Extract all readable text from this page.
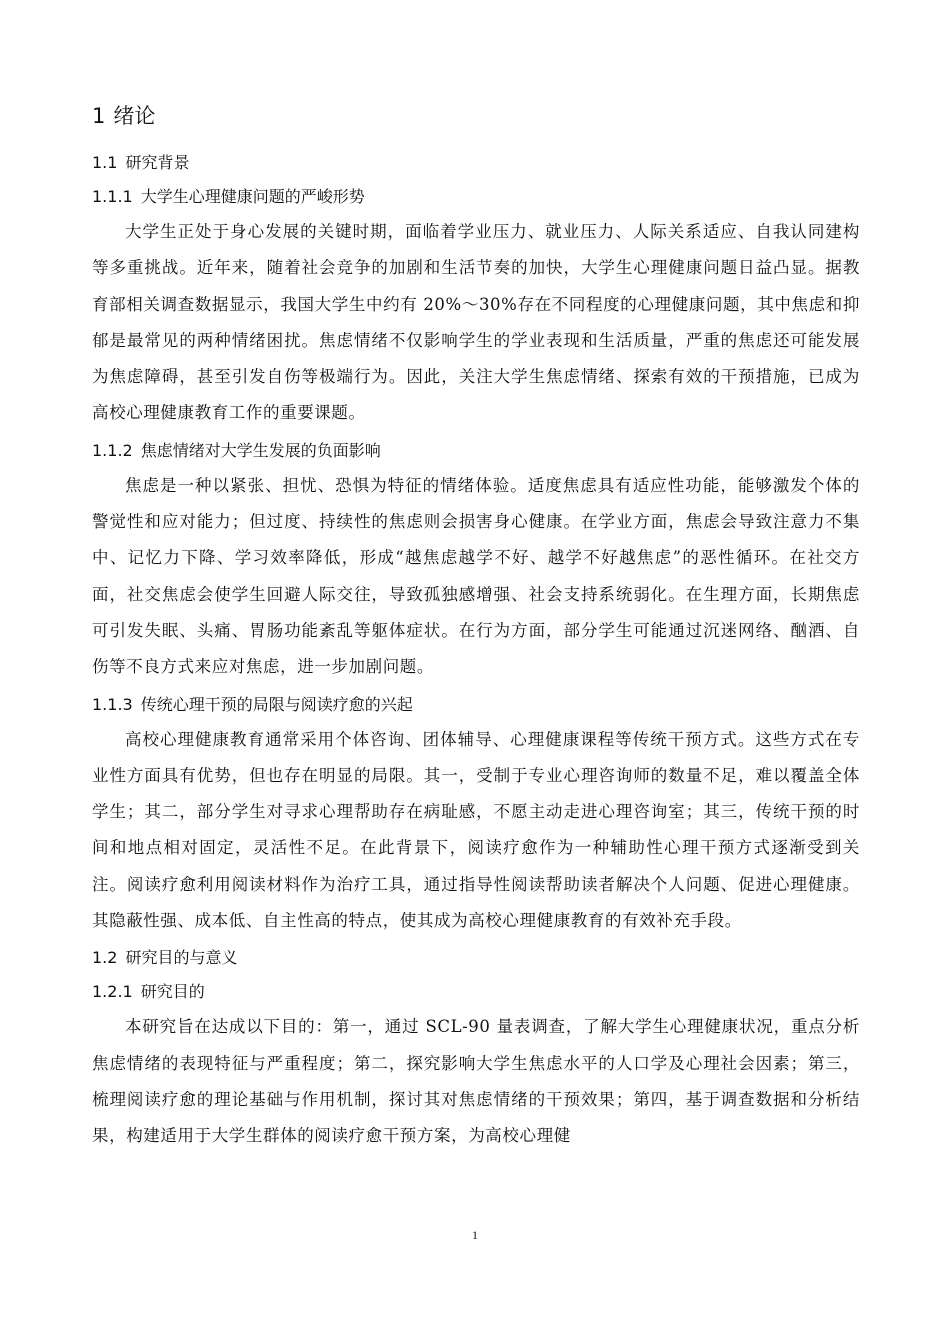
1 绪论
1.1 研究背景
1.1.1 大学生心理健康问题的严峻形势

大学生正处于身心发展的关键时期，面临着学业压力、就业压力、人际关系适应、自我认同建构等多重挑战。近年来，随着社会竞争的加剧和生活节奏的加快，大学生心理健康问题日益凸显。据教育部相关调查数据显示，我国大学生中约有 20%～30%存在不同程度的心理健康问题，其中焦虑和抑郁是最常见的两种情绪困扰。焦虑情绪不仅影响学生的学业表现和生活质量，严重的焦虑还可能发展为焦虑障碍，甚至引发自伤等极端行为。因此，关注大学生焦虑情绪、探索有效的干预措施，已成为高校心理健康教育工作的重要课题。

1.1.2 焦虑情绪对大学生发展的负面影响

焦虑是一种以紧张、担忧、恐惧为特征的情绪体验。适度焦虑具有适应性功能，能够激发个体的警觉性和应对能力；但过度、持续性的焦虑则会损害身心健康。在学业方面，焦虑会导致注意力不集中、记忆力下降、学习效率降低，形成“越焦虑越学不好、越学不好越焦虑”的恶性循环。在社交方面，社交焦虑会使学生回避人际交往，导致孤独感增强、社会支持系统弱化。在生理方面，长期焦虑可引发失眠、头痛、胃肠功能紊乱等躯体症状。在行为方面，部分学生可能通过沉迷网络、酗酒、自伤等不良方式来应对焦虑，进一步加剧问题。

1.1.3 传统心理干预的局限与阅读疗愈的兴起

高校心理健康教育通常采用个体咨询、团体辅导、心理健康课程等传统干预方式。这些方式在专业性方面具有优势，但也存在明显的局限。其一，受制于专业心理咨询师的数量不足，难以覆盖全体学生；其二，部分学生对寻求心理帮助存在病耻感，不愿主动走进心理咨询室；其三，传统干预的时间和地点相对固定，灵活性不足。在此背景下，阅读疗愈作为一种辅助性心理干预方式逐渐受到关注。阅读疗愈利用阅读材料作为治疗工具，通过指导性阅读帮助读者解决个人问题、促进心理健康。其隐蔽性强、成本低、自主性高的特点，使其成为高校心理健康教育的有效补充手段。

1.2 研究目的与意义
1.2.1 研究目的

本研究旨在达成以下目的：第一，通过 SCL-90 量表调查，了解大学生心理健康状况，重点分析焦虑情绪的表现特征与严重程度；第二，探究影响大学生焦虑水平的人口学及心理社会因素；第三，梳理阅读疗愈的理论基础与作用机制，探讨其对焦虑情绪的干预效果；第四，基于调查数据和分析结果，构建适用于大学生群体的阅读疗愈干预方案，为高校心理健

1
